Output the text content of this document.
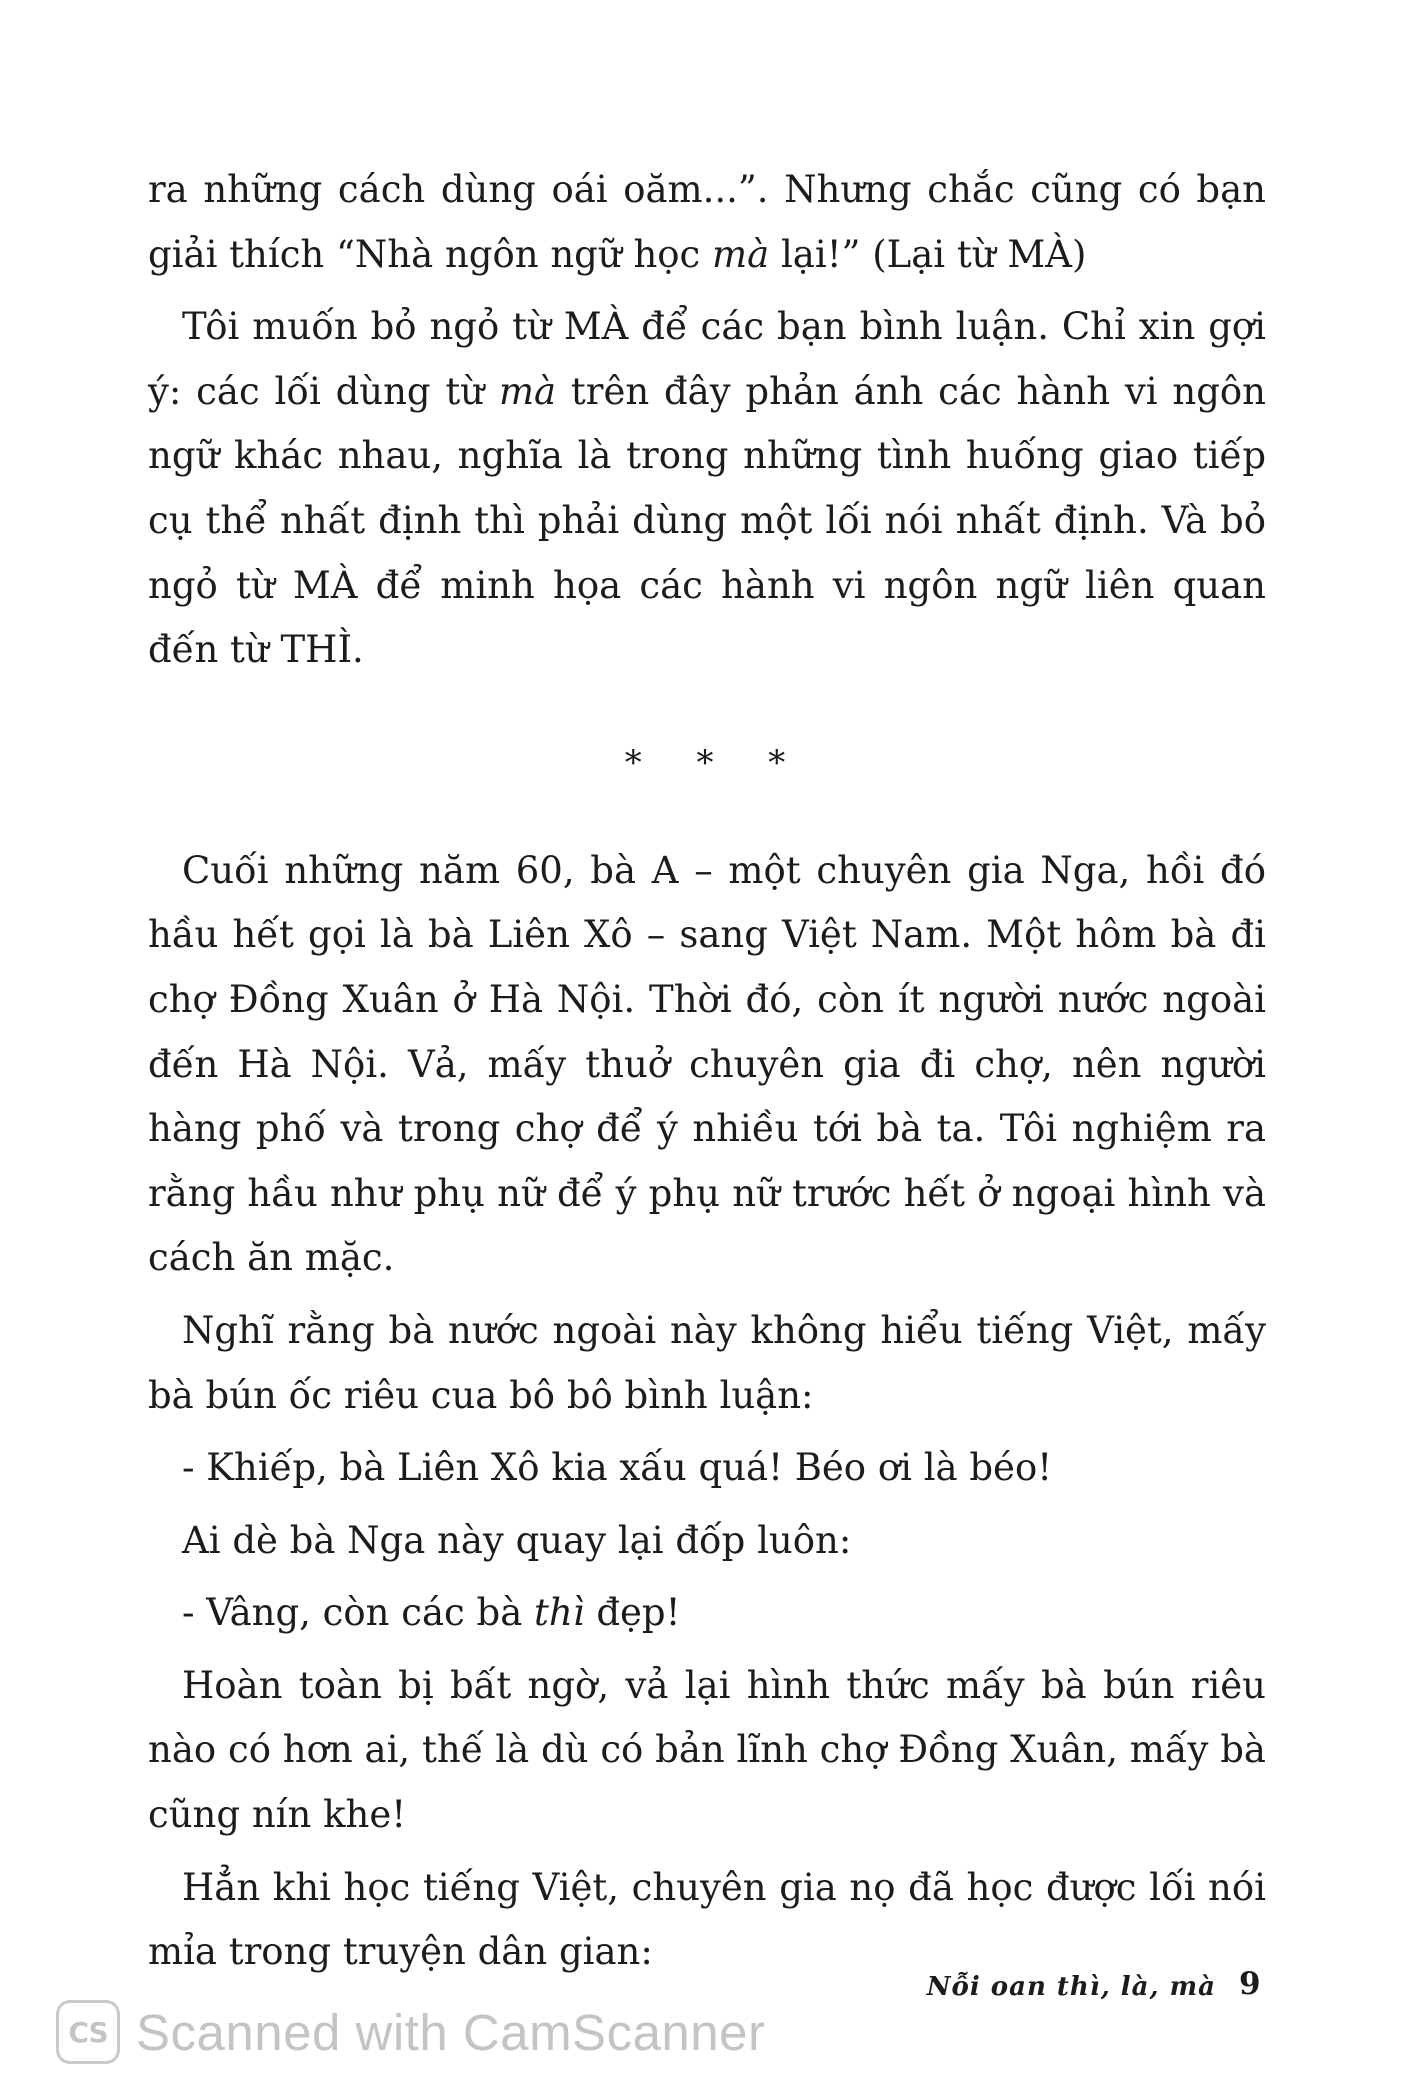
ra những cách dùng oái oăm...”. Nhưng chắc cũng có bạn giải thích “Nhà ngôn ngữ học mà lại!” (Lại từ MÀ)

Tôi muốn bỏ ngỏ từ MÀ để các bạn bình luận. Chỉ xin gợi ý: các lối dùng từ mà trên đây phản ánh các hành vi ngôn ngữ khác nhau, nghĩa là trong những tình huống giao tiếp cụ thể nhất định thì phải dùng một lối nói nhất định. Và bỏ ngỏ từ MÀ để minh họa các hành vi ngôn ngữ liên quan đến từ THÌ.

* * *

Cuối những năm 60, bà A – một chuyên gia Nga, hồi đó hầu hết gọi là bà Liên Xô – sang Việt Nam. Một hôm bà đi chợ Đồng Xuân ở Hà Nội. Thời đó, còn ít người nước ngoài đến Hà Nội. Vả, mấy thuở chuyên gia đi chợ, nên người hàng phố và trong chợ để ý nhiều tới bà ta. Tôi nghiệm ra rằng hầu như phụ nữ để ý phụ nữ trước hết ở ngoại hình và cách ăn mặc.

Nghĩ rằng bà nước ngoài này không hiểu tiếng Việt, mấy bà bún ốc riêu cua bô bô bình luận:

- Khiếp, bà Liên Xô kia xấu quá! Béo ơi là béo!

Ai dè bà Nga này quay lại đốp luôn:

- Vâng, còn các bà thì đẹp!

Hoàn toàn bị bất ngờ, vả lại hình thức mấy bà bún riêu nào có hơn ai, thế là dù có bản lĩnh chợ Đồng Xuân, mấy bà cũng nín khe!

Hẳn khi học tiếng Việt, chuyên gia nọ đã học được lối nói mỉa trong truyện dân gian:

Nỗi oan thì, là, mà 9
CS Scanned with CamScanner
